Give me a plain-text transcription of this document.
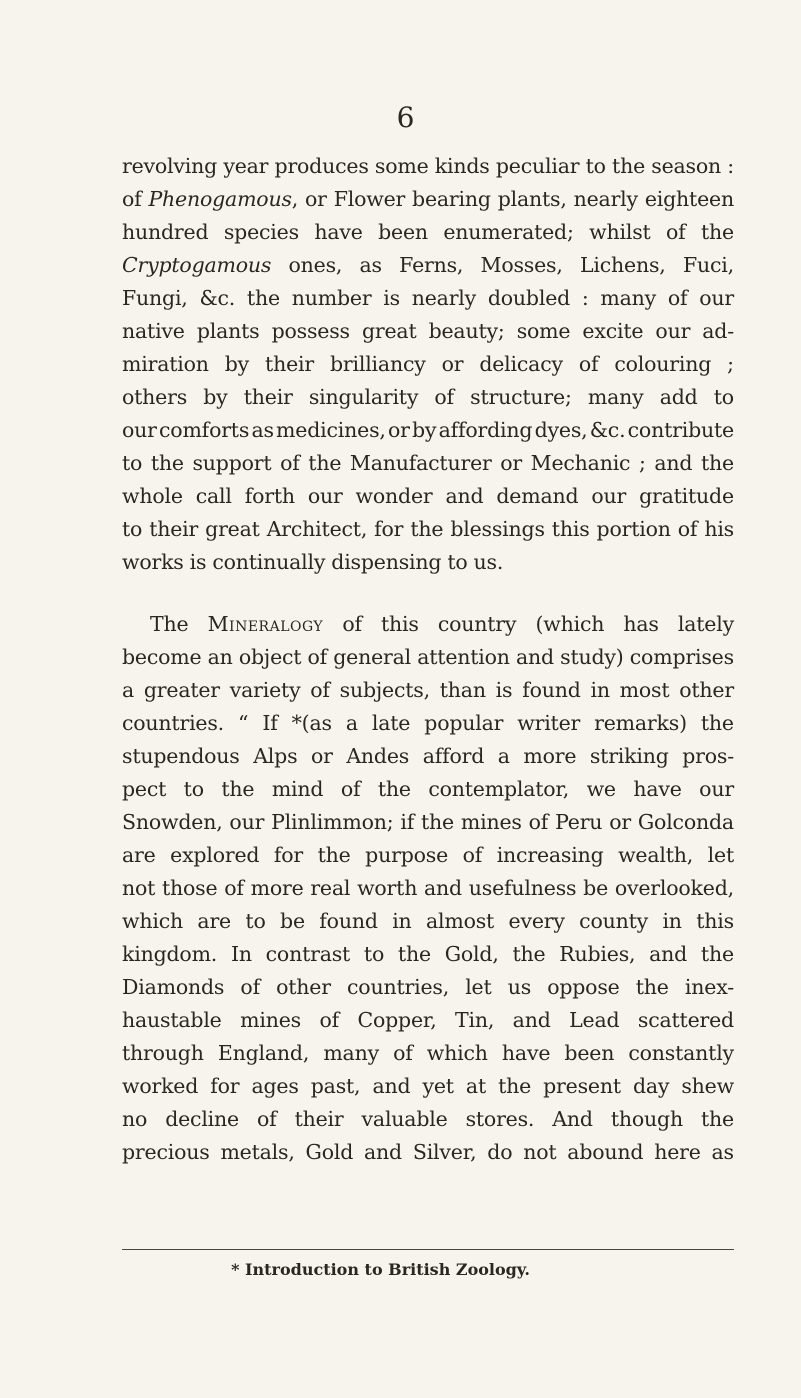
6
revolving year produces some kinds peculiar to the season :
of Phenogamous, or Flower bearing plants, nearly eighteen
hundred species have been enumerated; whilst of the
Cryptogamous ones, as Ferns, Mosses, Lichens, Fuci,
Fungi, &c. the number is nearly doubled : many of our
native plants possess great beauty; some excite our ad-
miration by their brilliancy or delicacy of colouring ;
others by their singularity of structure; many add to
our comforts as medicines, or by affording dyes, &c. contribute
to the support of the Manufacturer or Mechanic ; and the
whole call forth our wonder and demand our gratitude
to their great Architect, for the blessings this portion of his
works is continually dispensing to us.
The Mineralogy of this country (which has lately
become an object of general attention and study) comprises
a greater variety of subjects, than is found in most other
countries. “ If *(as a late popular writer remarks) the
stupendous Alps or Andes afford a more striking pros-
pect to the mind of the contemplator, we have our
Snowden, our Plinlimmon; if the mines of Peru or Golconda
are explored for the purpose of increasing wealth, let
not those of more real worth and usefulness be overlooked,
which are to be found in almost every county in this
kingdom. In contrast to the Gold, the Rubies, and the
Diamonds of other countries, let us oppose the inex-
haustable mines of Copper, Tin, and Lead scattered
through England, many of which have been constantly
worked for ages past, and yet at the present day shew
no decline of their valuable stores. And though the
precious metals, Gold and Silver, do not abound here as
* Introduction to British Zoology.
